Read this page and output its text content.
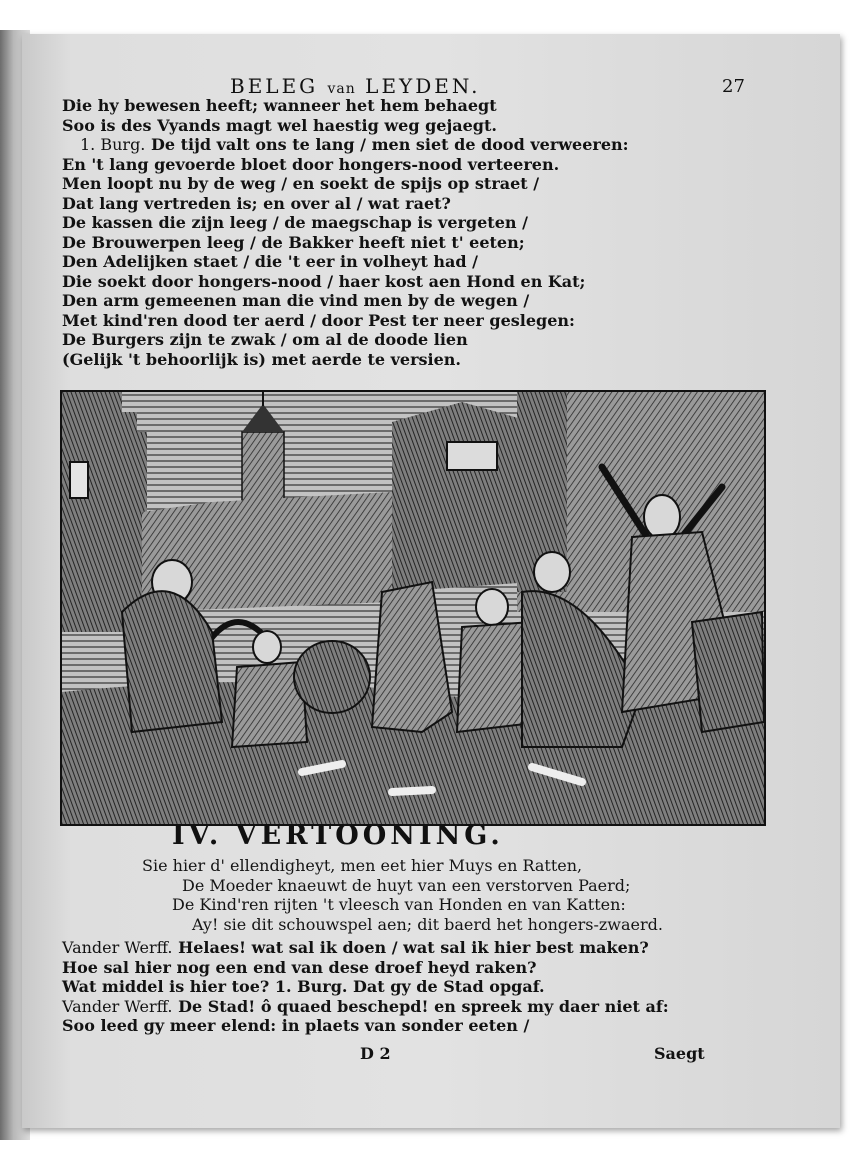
BELEG van LEYDEN.	27
Die hy bewesen heeft; wanneer het hem behaegt
Soo is des Vyands magt wel haestig weg gejaegt.
1. Burg. De tijd valt ons te lang / men siet de dood verweeren:
En 't lang gevoerde bloet door hongers-nood verteeren.
Men loopt nu by de weg / en soekt de spijs op straet /
Dat lang vertreden is; en over al / wat raet?
De kassen die zijn leeg / de maegschap is vergeten /
De Brouwerpen leeg / de Bakker heeft niet t' eeten;
Den Adelijken staet / die 't eer in volheyt had /
Die soekt door hongers-nood / haer kost aen Hond en Kat;
Den arm gemeenen man die vind men by de wegen /
Met kind'ren dood ter aerd / door Pest ter neer geslegen:
De Burgers zijn te zwak / om al de doode lien
(Gelijk 't behoorlijk is) met aerde te versien.
IV. VERTOONING.
Sie hier d' ellendigheyt, men eet hier Muys en Ratten,
De Moeder knaeuwt de huyt van een verstorven Paerd;
De Kind'ren rijten 't vleesch van Honden en van Katten:
Ay! sie dit schouwspel aen; dit baerd het hongers-zwaerd.
Vander Werff. Helaes! wat sal ik doen / wat sal ik hier best maken?
Hoe sal hier nog een end van dese droef heyd raken?
Wat middel is hier toe? 1. Burg. Dat gy de Stad opgaf.
Vander Werff. De Stad! ô quaed beschepd! en spreek my daer niet af:
Soo leed gy meer elend: in plaets van sonder eeten /
D 2	Saegt
